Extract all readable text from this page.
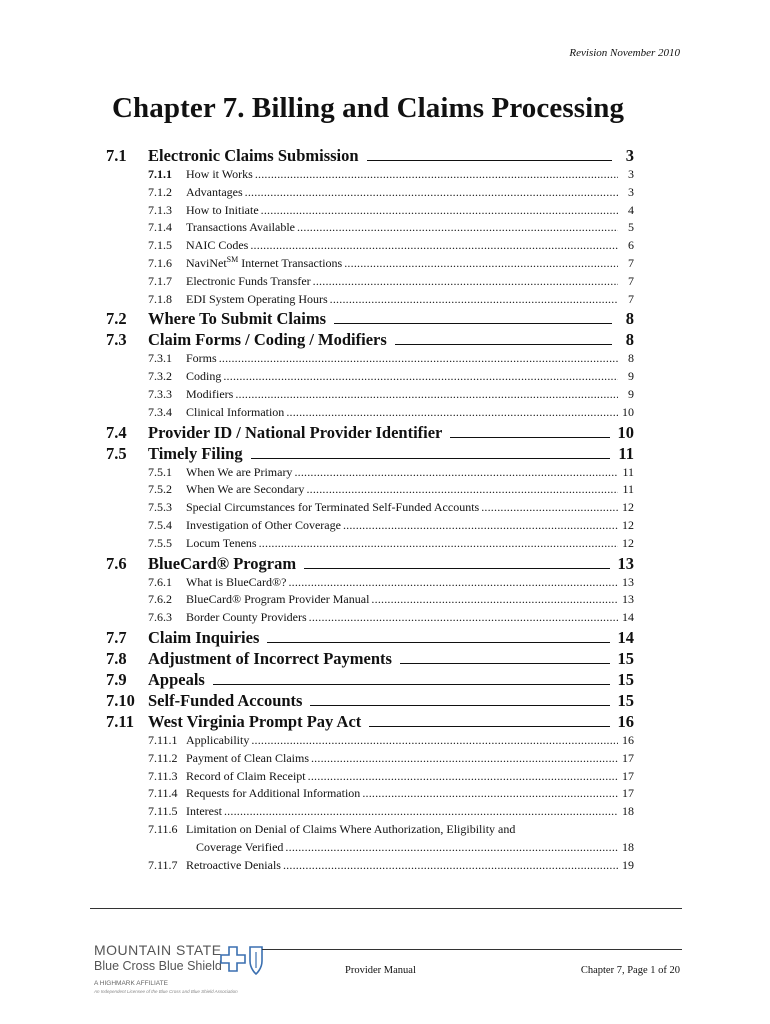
Revision November 2010
Chapter 7. Billing and Claims Processing
7.1	Electronic Claims Submission	3
7.1.1	How it Works .....	3
7.1.2	Advantages .....	3
7.1.3	How to Initiate .....	4
7.1.4	Transactions Available .....	5
7.1.5	NAIC Codes .....	6
7.1.6	NaviNet℠ Internet Transactions .....	7
7.1.7	Electronic Funds Transfer .....	7
7.1.8	EDI System Operating Hours .....	7
7.2	Where To Submit Claims	8
7.3	Claim Forms / Coding / Modifiers	8
7.3.1	Forms .....	8
7.3.2	Coding .....	9
7.3.3	Modifiers .....	9
7.3.4	Clinical Information .....	10
7.4	Provider ID / National Provider Identifier	10
7.5	Timely Filing	11
7.5.1	When We are Primary .....	11
7.5.2	When We are Secondary .....	11
7.5.3	Special Circumstances for Terminated Self-Funded Accounts .....	12
7.5.4	Investigation of Other Coverage .....	12
7.5.5	Locum Tenens .....	12
7.6	BlueCard® Program	13
7.6.1	What is BlueCard®? .....	13
7.6.2	BlueCard® Program Provider Manual .....	13
7.6.3	Border County Providers .....	14
7.7	Claim Inquiries	14
7.8	Adjustment of Incorrect Payments	15
7.9	Appeals	15
7.10 Self-Funded Accounts	15
7.11 West Virginia Prompt Pay Act	16
7.11.1 Applicability .....	16
7.11.2 Payment of Clean Claims .....	17
7.11.3 Record of Claim Receipt .....	17
7.11.4 Requests for Additional Information .....	17
7.11.5 Interest .....	18
7.11.6 Limitation on Denial of Claims Where Authorization, Eligibility and
Coverage Verified .....	18
7.11.7 Retroactive Denials .....	19
MOUNTAIN STATE
Blue Cross Blue Shield
A HIGHMARK AFFILIATE
An Independent Licensee of the Blue Cross and Blue Shield Association
Provider Manual	Chapter 7, Page 1 of 20
